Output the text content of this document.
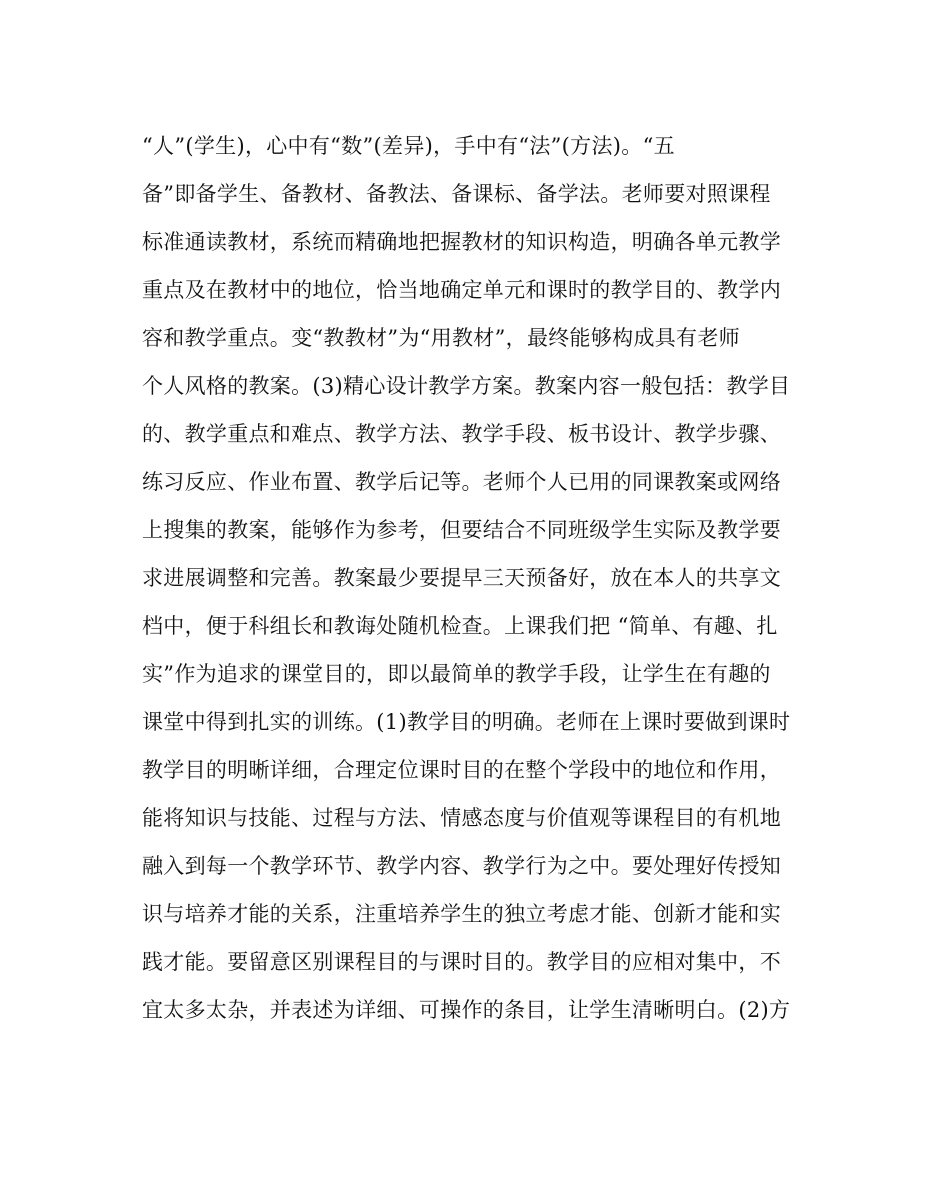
“人”(学生)，心中有“数”(差异)，手中有“法”(方法)。“五
备”即备学生、备教材、备教法、备课标、备学法。老师要对照课程
标准通读教材，系统而精确地把握教材的知识构造，明确各单元教学
重点及在教材中的地位，恰当地确定单元和课时的教学目的、教学内
容和教学重点。变“教教材”为“用教材”，最终能够构成具有老师
个人风格的教案。(3)精心设计教学方案。教案内容一般包括：教学目
的、教学重点和难点、教学方法、教学手段、板书设计、教学步骤、
练习反应、作业布置、教学后记等。老师个人已用的同课教案或网络
上搜集的教案，能够作为参考，但要结合不同班级学生实际及教学要
求进展调整和完善。教案最少要提早三天预备好，放在本人的共享文
档中，便于科组长和教诲处随机检查。上课我们把 “简单、有趣、扎
实”作为追求的课堂目的，即以最简单的教学手段，让学生在有趣的
课堂中得到扎实的训练。(1)教学目的明确。老师在上课时要做到课时
教学目的明晰详细，合理定位课时目的在整个学段中的地位和作用，
能将知识与技能、过程与方法、情感态度与价值观等课程目的有机地
融入到每一个教学环节、教学内容、教学行为之中。要处理好传授知
识与培养才能的关系，注重培养学生的独立考虑才能、创新才能和实
践才能。要留意区别课程目的与课时目的。教学目的应相对集中，不
宜太多太杂，并表述为详细、可操作的条目，让学生清晰明白。(2)方
